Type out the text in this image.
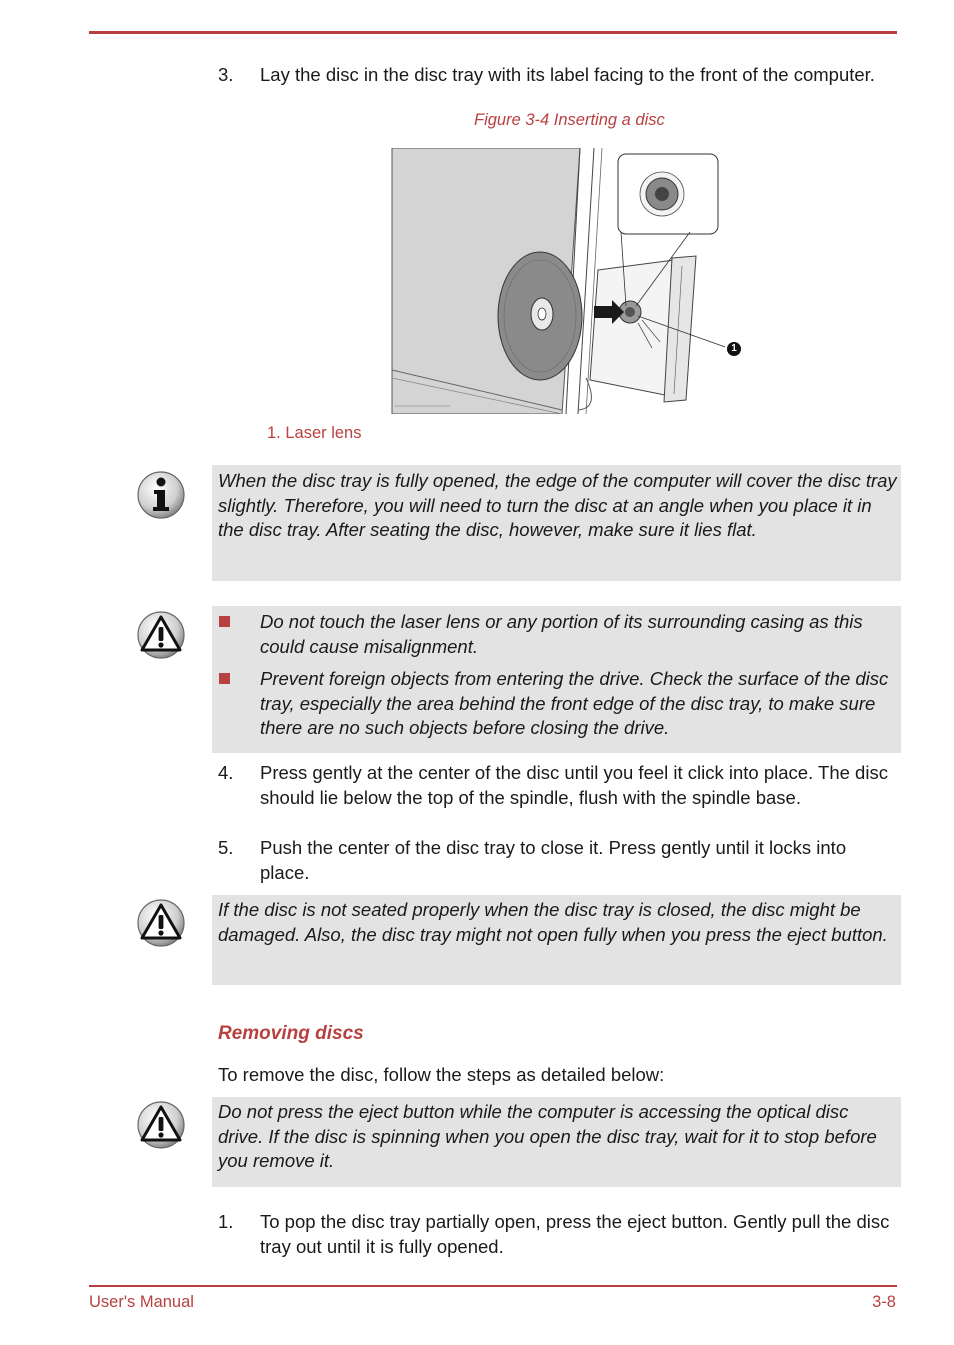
3. Lay the disc in the disc tray with its label facing to the front of the computer.
Figure 3-4 Inserting a disc
1
1. Laser lens
When the disc tray is fully opened, the edge of the computer will cover the disc tray slightly. Therefore, you will need to turn the disc at an angle when you place it in the disc tray. After seating the disc, however, make sure it lies flat.
Do not touch the laser lens or any portion of its surrounding casing as this could cause misalignment.
Prevent foreign objects from entering the drive. Check the surface of the disc tray, especially the area behind the front edge of the disc tray, to make sure there are no such objects before closing the drive.
4. Press gently at the center of the disc until you feel it click into place. The disc should lie below the top of the spindle, flush with the spindle base.
5. Push the center of the disc tray to close it. Press gently until it locks into place.
If the disc is not seated properly when the disc tray is closed, the disc might be damaged. Also, the disc tray might not open fully when you press the eject button.
Removing discs
To remove the disc, follow the steps as detailed below:
Do not press the eject button while the computer is accessing the optical disc drive. If the disc is spinning when you open the disc tray, wait for it to stop before you remove it.
1. To pop the disc tray partially open, press the eject button. Gently pull the disc tray out until it is fully opened.
User's Manual	3-8
